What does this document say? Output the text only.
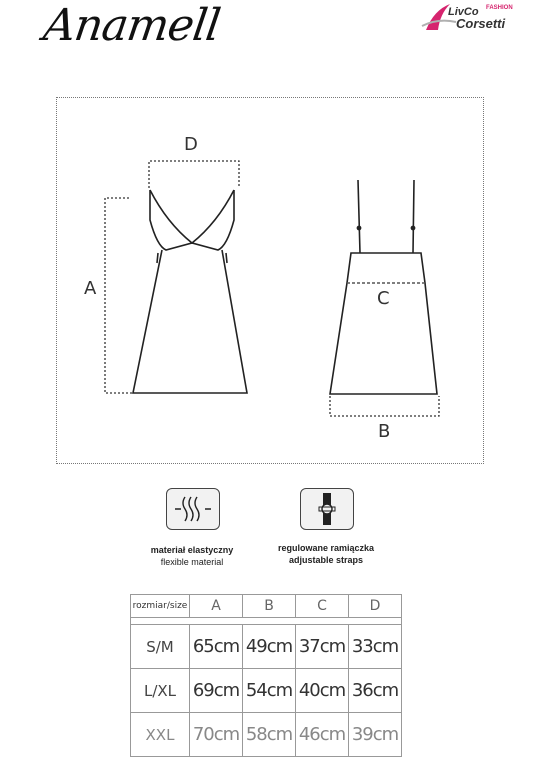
Anamell	LivCo FASHION
Corsetti
D
A	C
B
materiał elastyczny
flexible material
regulowane ramiączka
adjustable straps
rozmiar/size	A	B	C	D

S/M	65cm	49cm	37cm	33cm
L/XL	69cm	54cm	40cm	36cm
XXL	70cm	58cm	46cm	39cm
